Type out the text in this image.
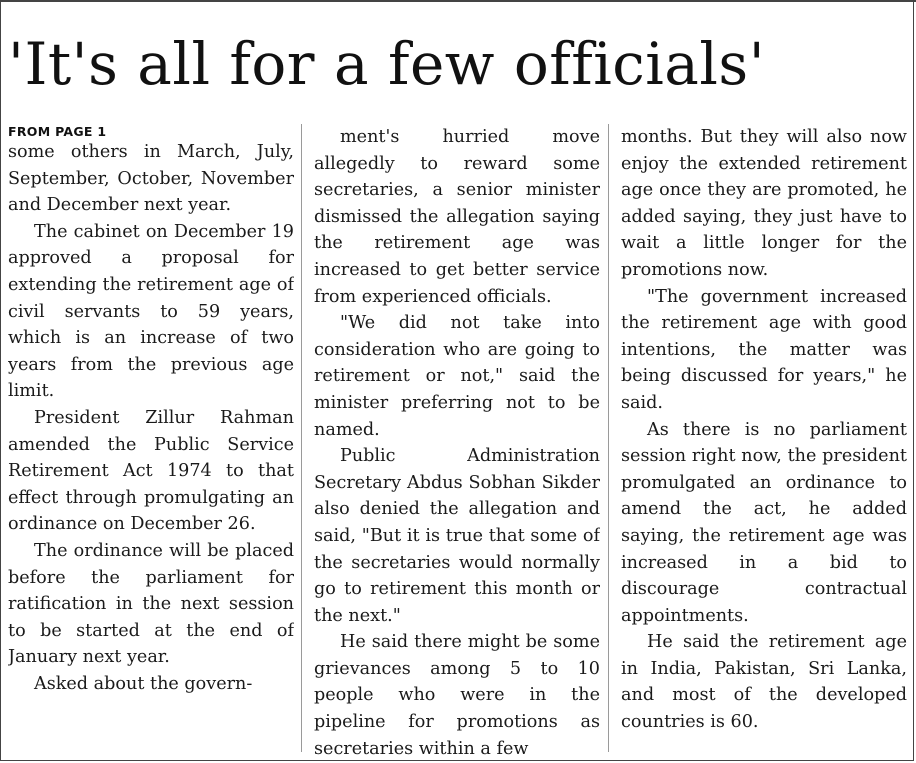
'It's all for a few officials'
FROM PAGE 1

some others in March, July, September, October, November and December next year.

The cabinet on December 19 approved a proposal for extending the retirement age of civil servants to 59 years, which is an increase of two years from the previous age limit.

President Zillur Rahman amended the Public Service Retirement Act 1974 to that effect through promulgating an ordinance on December 26.

The ordinance will be placed before the parliament for ratification in the next session to be started at the end of January next year.

Asked about the govern-

ment's hurried move allegedly to reward some secretaries, a senior minister dismissed the allegation saying the retirement age was increased to get better service from experienced officials.

"We did not take into consideration who are going to retirement or not," said the minister preferring not to be named.

Public Administration Secretary Abdus Sobhan Sikder also denied the allegation and said, "But it is true that some of the secretaries would normally go to retirement this month or the next."

He said there might be some grievances among 5 to 10 people who were in the pipeline for promotions as secretaries within a few

months. But they will also now enjoy the extended retirement age once they are promoted, he added saying, they just have to wait a little longer for the promotions now.

"The government increased the retirement age with good intentions, the matter was being discussed for years," he said.

As there is no parliament session right now, the president promulgated an ordinance to amend the act, he added saying, the retirement age was increased in a bid to discourage contractual appointments.

He said the retirement age in India, Pakistan, Sri Lanka, and most of the developed countries is 60.
